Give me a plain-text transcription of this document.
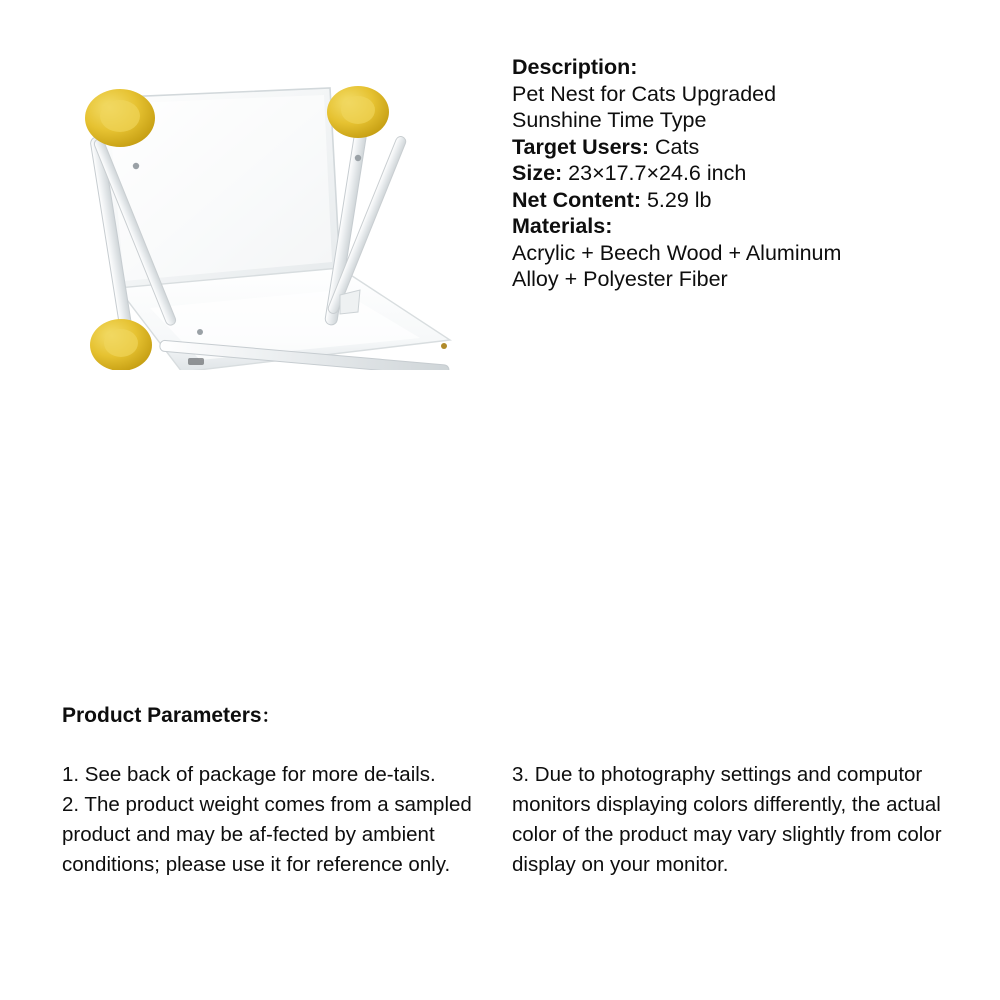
Description:
Pet Nest for Cats Upgraded
Sunshine Time Type
Target Users: Cats
Size: 23×17.7×24.6 inch
Net Content: 5.29 lb
Materials:
Acrylic + Beech Wood + Aluminum
Alloy + Polyester Fiber
Product Parameters：

1. See back of package for more de-tails.

2. The product weight comes from a sampled product and may be af-fected by ambient conditions; please use it for reference only.

3. Due to photography settings and computor monitors displaying colors differently, the actual color of the product may vary slightly from color display on your monitor.
